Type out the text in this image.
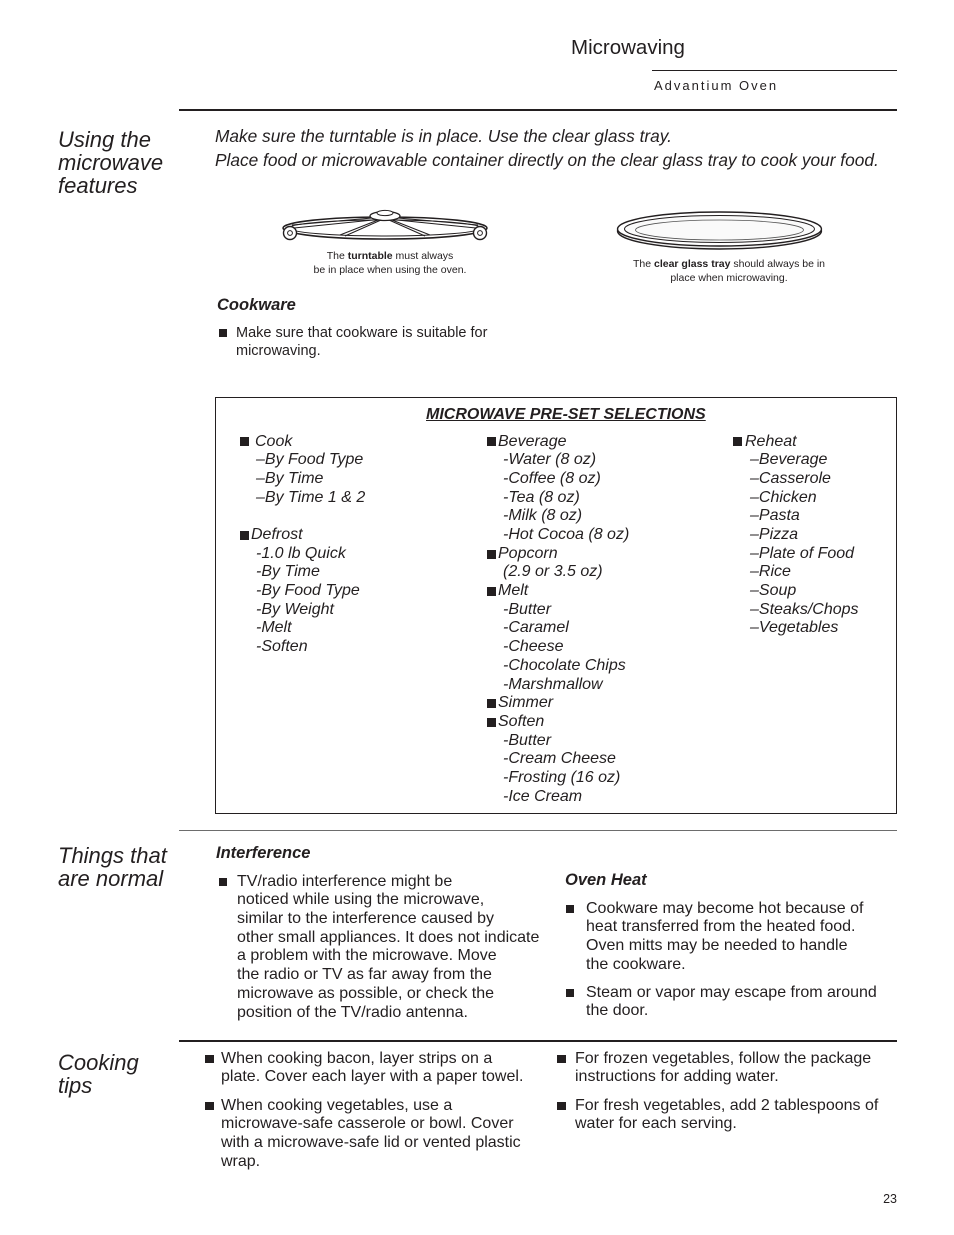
Microwaving
Advantium Oven
Using the
microwave
features
Make sure the turntable is in place. Use the clear glass tray.
Place food or microwavable container directly on the clear glass tray to cook your food.
The turntable must always
be in place when using the oven.	The clear glass tray should always be in
place when microwaving.
Cookware
Make sure that cookware is suitable for
microwaving.
MICROWAVE PRE-SET SELECTIONS
Cook
–By Food Type
–By Time
–By Time 1 & 2
Defrost
-1.0 lb Quick
-By Time
-By Food Type
-By Weight
-Melt
-Soften
Beverage
-Water (8 oz)
-Coffee (8 oz)
-Tea (8 oz)
-Milk (8 oz)
-Hot Cocoa (8 oz)
Popcorn
(2.9 or 3.5 oz)
Melt
-Butter
-Caramel
-Cheese
-Chocolate Chips
-Marshmallow
Simmer
Soften
-Butter
-Cream Cheese
-Frosting (16 oz)
-Ice Cream
Reheat
–Beverage
–Casserole
–Chicken
–Pasta
–Pizza
–Plate of Food
–Rice
–Soup
–Steaks/Chops
–Vegetables
Things that
are normal
Interference
TV/radio interference might be
noticed while using the microwave,
similar to the interference caused by
other small appliances. It does not indicate
a problem with the microwave. Move
the radio or TV as far away from the
microwave as possible, or check the
position of the TV/radio antenna.
Oven Heat
Cookware may become hot because of
heat transferred from the heated food.
Oven mitts may be needed to handle
the cookware.
Steam or vapor may escape from around
the door.
Cooking
tips
When cooking bacon, layer strips on a
plate. Cover each layer with a paper towel.
When cooking vegetables, use a
microwave-safe casserole or bowl. Cover
with a microwave-safe lid or vented plastic
wrap.
For frozen vegetables, follow the package
instructions for adding water.
For fresh vegetables, add 2 tablespoons of
water for each serving.
23
